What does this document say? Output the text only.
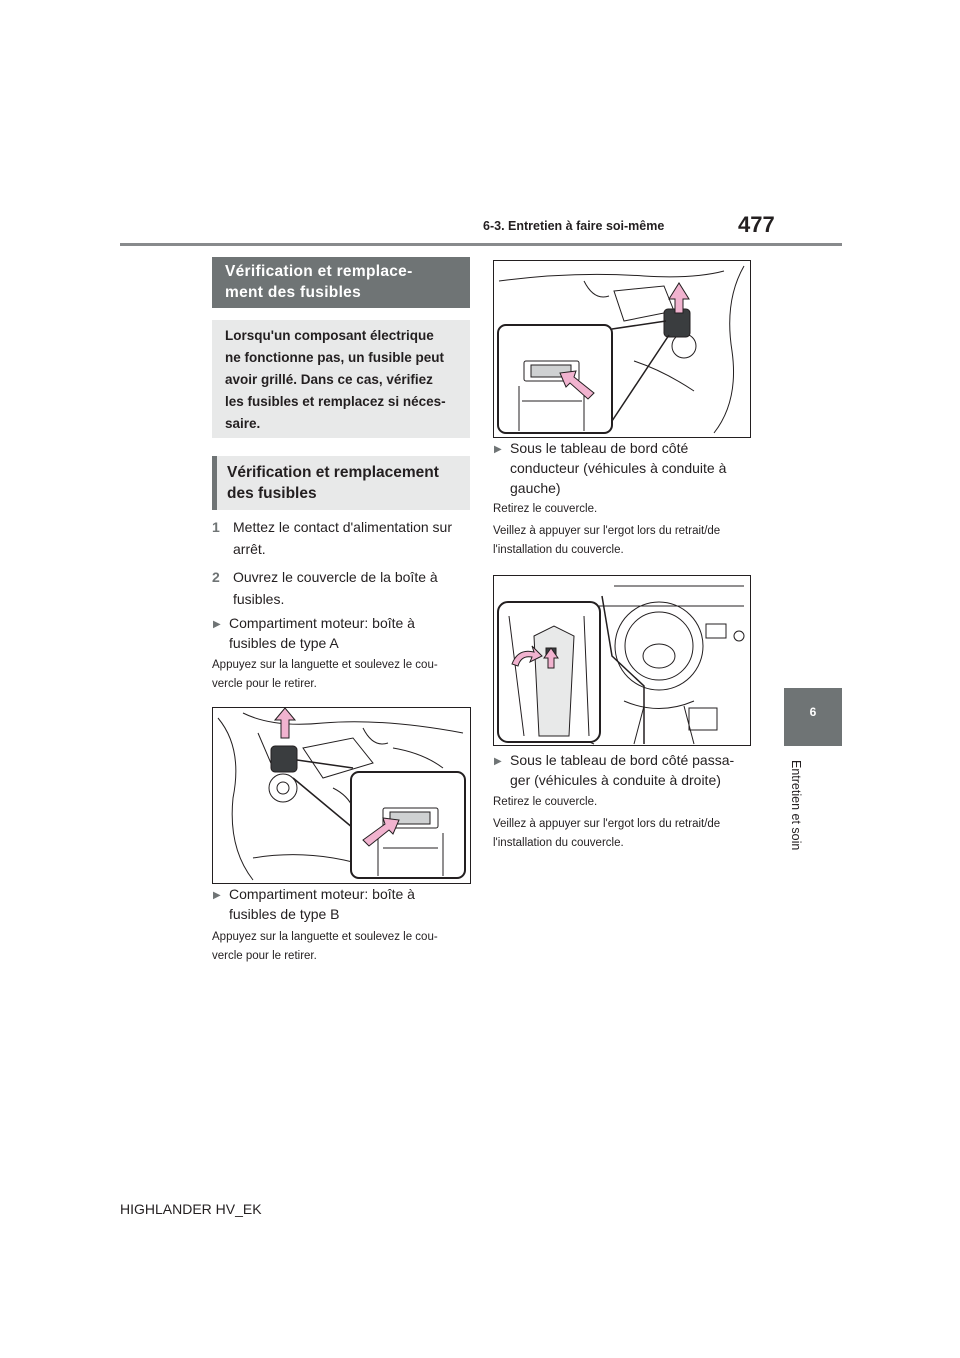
6-3. Entretien à faire soi-même	477
6
Entretien et soin
Vérification et remplace-
ment des fusibles
Lorsqu'un composant électrique
ne fonctionne pas, un fusible peut
avoir grillé. Dans ce cas, vérifiez
les fusibles et remplacez si néces-
saire.
Vérification et remplacement
des fusibles
1 Mettez le contact d'alimentation sur
arrêt.
2 Ouvrez le couvercle de la boîte à
fusibles.
▶ Compartiment moteur: boîte à
fusibles de type A
Appuyez sur la languette et soulevez le cou-
vercle pour le retirer.
▶ Compartiment moteur: boîte à
fusibles de type B
Appuyez sur la languette et soulevez le cou-
vercle pour le retirer.
▶ Sous le tableau de bord côté
conducteur (véhicules à conduite à
gauche)
Retirez le couvercle.
Veillez à appuyer sur l'ergot lors du retrait/de
l'installation du couvercle.
▶ Sous le tableau de bord côté passa-
ger (véhicules à conduite à droite)
Retirez le couvercle.
Veillez à appuyer sur l'ergot lors du retrait/de
l'installation du couvercle.
HIGHLANDER HV_EK
